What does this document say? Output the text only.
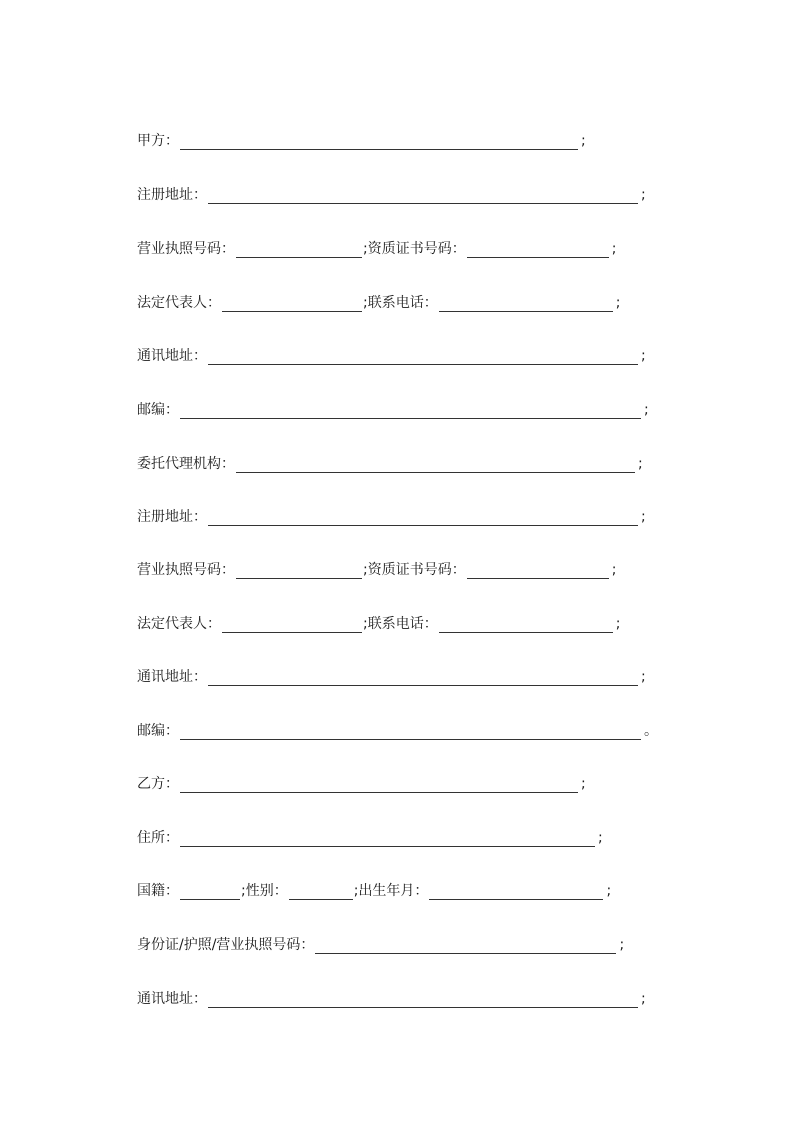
甲方：	;
注册地址：	;
营业执照号码：	; 资质证书号码：	;
法定代表人：	; 联系电话：	;
通讯地址：	;
邮编：	;
委托代理机构：	;
注册地址：	;
营业执照号码：	; 资质证书号码：	;
法定代表人：	; 联系电话：	;
通讯地址：	;
邮编：	。
乙方：	;
住所：	;
国籍：	; 性别：	; 出生年月：	;
身份证/护照/营业执照号码：	;
通讯地址：	;
